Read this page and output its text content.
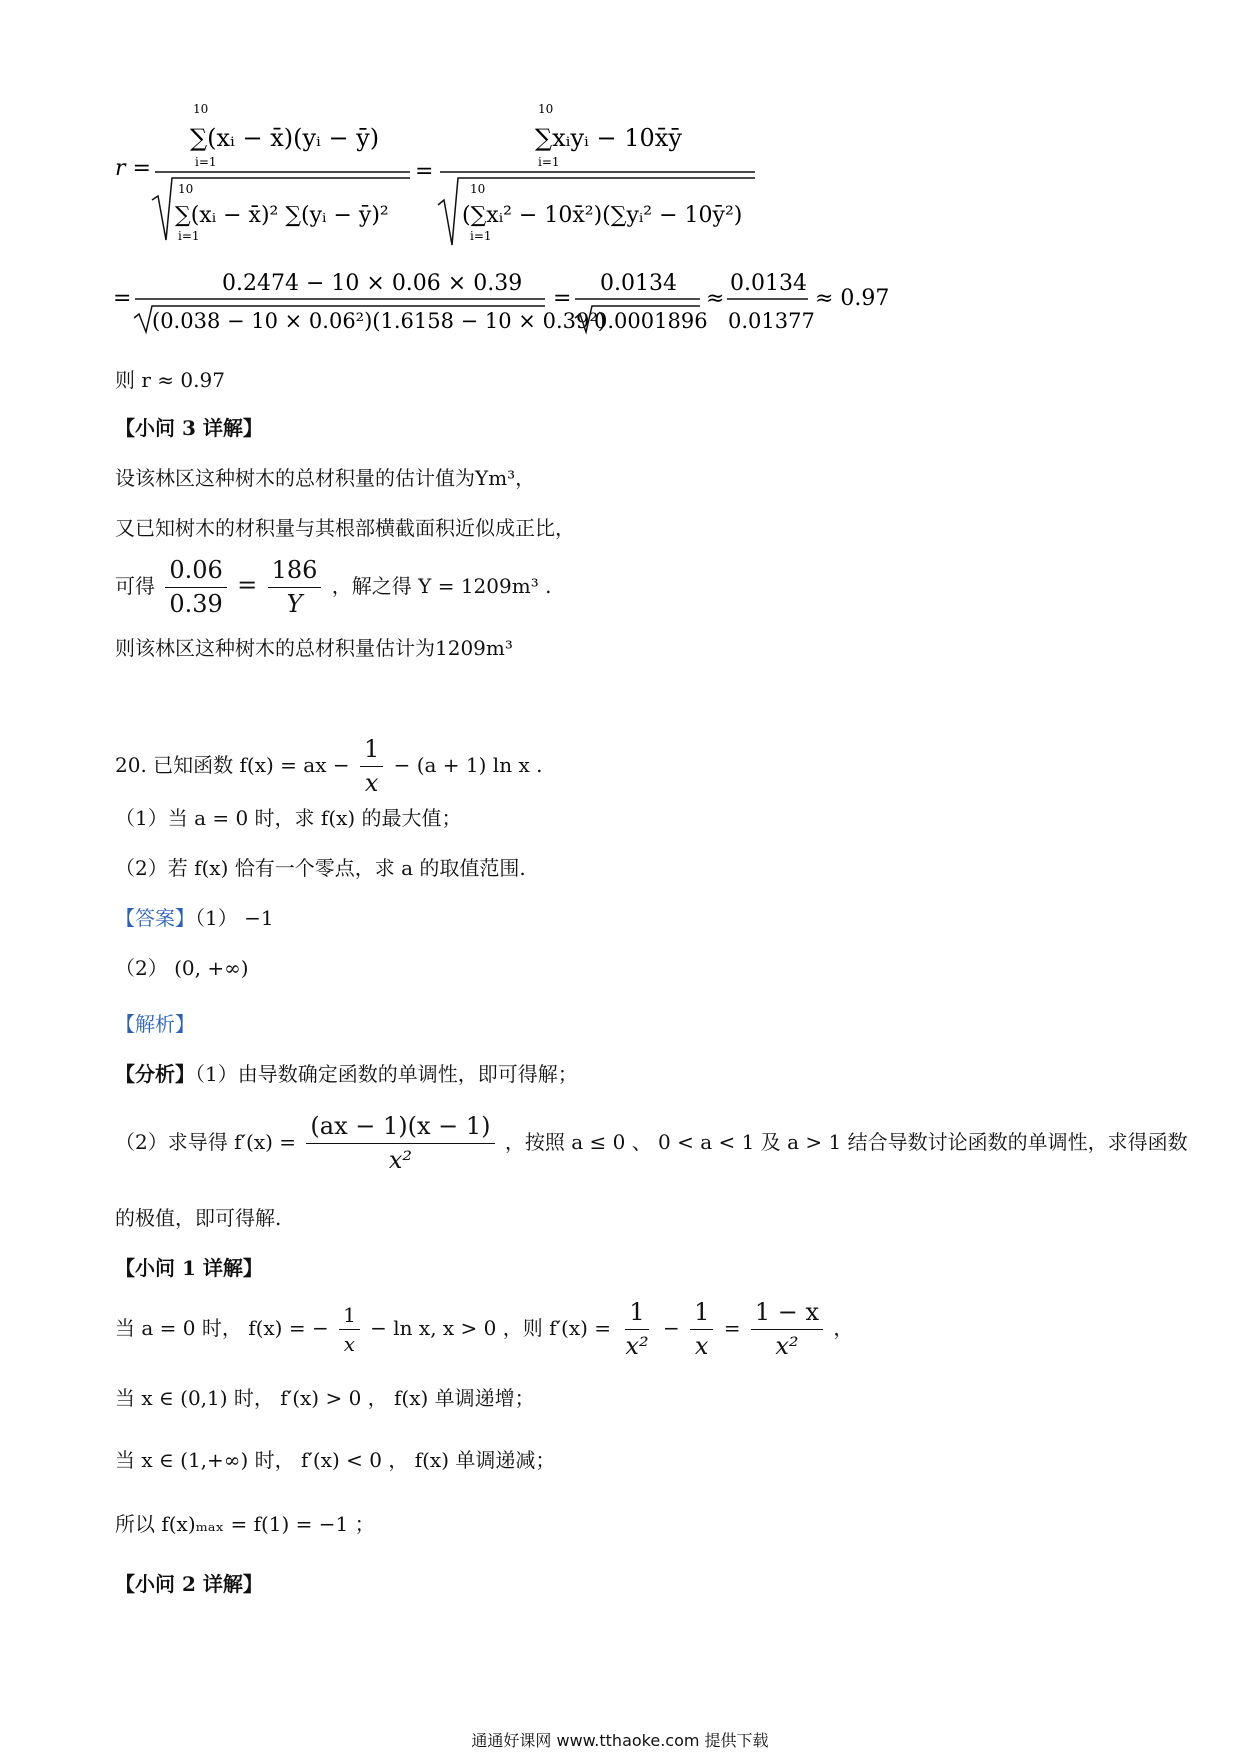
r =
10
∑(xᵢ − x̄)(yᵢ − ȳ)
i=1
10
∑(xᵢ − x̄)² ∑(yᵢ − ȳ)²
i=1
=
10
∑xᵢyᵢ − 10x̄ȳ
i=1
10
(∑xᵢ² − 10x̄²)(∑yᵢ² − 10ȳ²)
i=1
=
0.2474 − 10 × 0.06 × 0.39
(0.038 − 10 × 0.06²)(1.6158 − 10 × 0.39²)
=
0.0134
0.0001896
≈
0.0134
0.01377
≈ 0.97
则 r ≈ 0.97
【小问 3 详解】
设该林区这种树木的总材积量的估计值为Ym³，
又已知树木的材积量与其根部横截面积近似成正比，
可得 $\frac{0.06}{0.39} = \frac{186}{Y}$ ，解之得 Y = 1209m³ .
则该林区这种树木的总材积量估计为1209m³
20. 已知函数 f(x) = ax − $\frac{1}{x} - (a + 1)$ ln x .
（1）当 a = 0 时，求 f(x) 的最大值；
（2）若 f(x) 恰有一个零点，求 a 的取值范围.
【答案】（1） −1
（2） (0, +∞)
【解析】
【分析】（1）由导数确定函数的单调性，即可得解；
（2）求导得 $f'(x) = \frac{(ax - 1)(x - 1)}{\text{x²}}$ ，按照 a ≤ 0 、 0 < a < 1 及 a > 1 结合导数讨论函数的单调性，求得函数
的极值，即可得解.
【小问 1 详解】
当 a = 0 时， f(x) = − $\frac{1}{x} - \ln x$, x > 0 ，则 $f'(x) = \frac{1}{\text{x²}} - \frac{1}{x} = \frac{1 - x}{\text{x²}}$ ，
当 x ∈ (0,1) 时， f′(x) > 0 ， f(x) 单调递增；
当 x ∈ (1,+∞) 时， f′(x) < 0 ， f(x) 单调递减；
所以 f(x)ₘₐₓ = f(1) = −1 ；
【小问 2 详解】
通通好课网 www.tthaoke.com 提供下载
